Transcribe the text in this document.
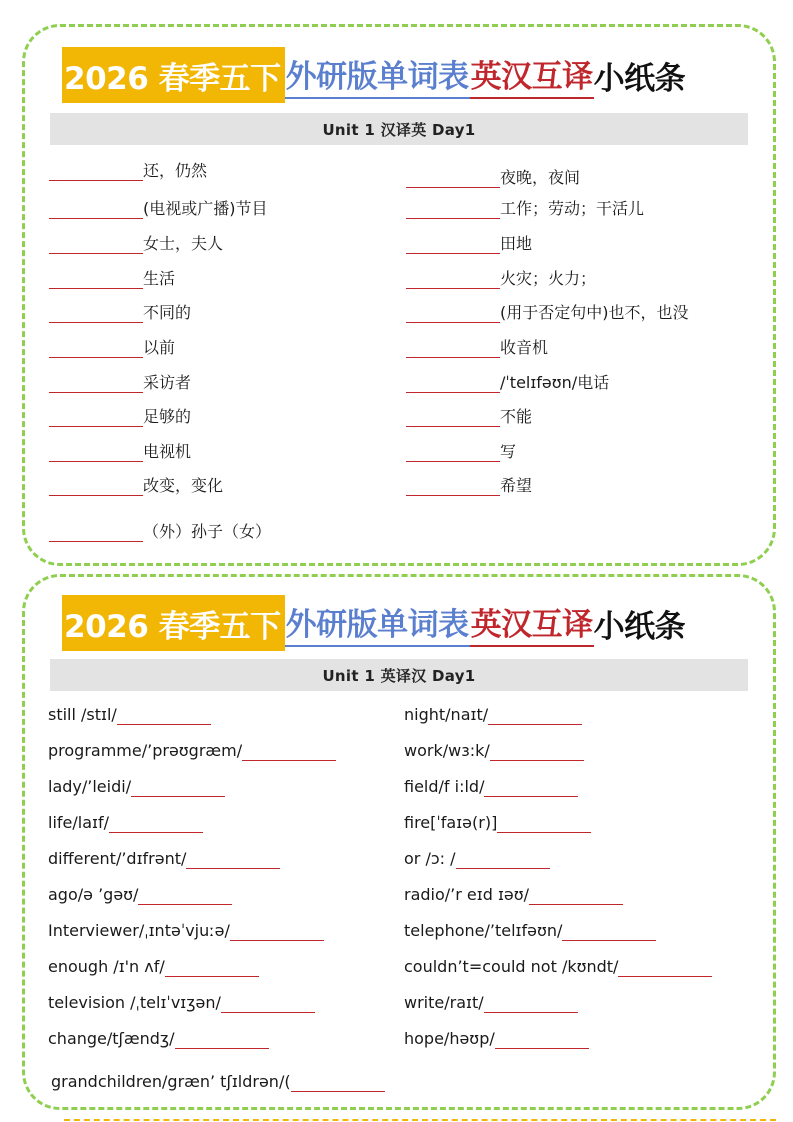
2026 春季五下 外研版单词表 英汉互译 小纸条
Unit 1 汉译英 Day1
还，仍然
(电视或广播)节目
女士，夫人
生活
不同的
以前
采访者
足够的
电视机
改变，变化
（外）孙子（女）
夜晚，夜间
工作；劳动；干活儿
田地
火灾；火力；
(用于否定句中)也不，也没
收音机
/ˈtelɪfəʊn/电话
不能
写
希望
2026 春季五下 外研版单词表 英汉互译 小纸条
Unit 1 英译汉 Day1
still /stɪl/
programme/’prəʊgræm/
lady/’leidi/
life/laɪf/
different/’dɪfrənt/
ago/ə ’gəʊ/
Interviewer/ˌɪntəˈvjuːə/
enough /ɪ'n ʌf/
television /ˌtelɪˈvɪʒən/
change/tʃændʒ/
grandchildren/græn’ tʃɪldrən/(
night/naɪt/
work/wɜ:k/
field/f i:ld/
fire[ˈfaɪə(r)]
or /ɔ: /
radio/’r eɪd ɪəʊ/
telephone/’telɪfəʊn/
couldn’t=could not /kʊndt/
write/raɪt/
hope/həʊp/
